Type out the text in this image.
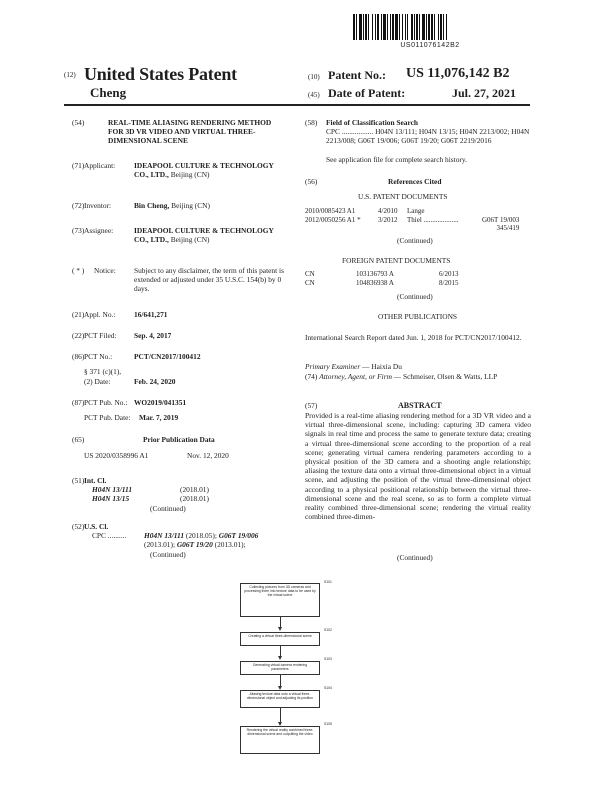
US011076142B2
(12) United States Patent
Cheng
(10) Patent No.: US 11,076,142 B2
(45) Date of Patent:	Jul. 27, 2021
(54)	REAL-TIME ALIASING RENDERING METHOD FOR 3D VR VIDEO AND VIRTUAL THREE-DIMENSIONAL SCENE
(71) Applicant:	IDEAPOOL CULTURE & TECHNOLOGY CO., LTD., Beijing (CN)
(72) Inventor:	Bin Cheng, Beijing (CN)
(73) Assignee:	IDEAPOOL CULTURE & TECHNOLOGY CO., LTD., Beijing (CN)
( * ) Notice: Subject to any disclaimer, the term of this patent is extended or adjusted under 35 U.S.C. 154(b) by 0 days.
(21) Appl. No.:	16/641,271
(22) PCT Filed: Sep. 4, 2017
(86) PCT No.:	PCT/CN2017/100412
§ 371 (c)(1),
(2) Date:	Feb. 24, 2020
(87) PCT Pub. No.: WO2019/041351
PCT Pub. Date: Mar. 7, 2019
(65)	Prior Publication Data
US 2020/0358996 A1	Nov. 12, 2020
(51) Int. Cl.
H04N 13/111	(2018.01)
H04N 13/15	(2018.01)
(Continued)
(52) U.S. Cl.
CPC .......... H04N 13/111 (2018.05); G06T 19/006
(2013.01); G06T 19/20 (2013.01);
(Continued)
(58) Field of Classification Search
CPC ................. H04N 13/111; H04N 13/15; H04N 2213/002; H04N 2213/008; G06T 19/006; G06T 19/20; G06T 2219/2016
See application file for complete search history.
(56)	References Cited
U.S. PATENT DOCUMENTS
2010/0085423 A1	4/2010	Lange	
2012/0050256 A1 *	3/2012	Thiel ....................	G06T 19/003
			345/419
(Continued)
FOREIGN PATENT DOCUMENTS
CN	103136793 A	6/2013
CN	104836938 A	8/2015
(Continued)
OTHER PUBLICATIONS
International Search Report dated Jun. 1, 2018 for PCT/CN2017/100412.
Primary Examiner — Haixia Du
(74) Attorney, Agent, or Firm — Schmeiser, Olsen & Watts, LLP
(57)	ABSTRACT
Provided is a real-time aliasing rendering method for a 3D VR video and a virtual three-dimensional scene, including: capturing 3D camera video signals in real time and process the same to generate texture data; creating a virtual three-dimensional scene according to the proportion of a real scene; generating virtual camera rendering parameters according to a physical position of the 3D camera and a shooting angle relationship; aliasing the texture data onto a virtual three-dimensional object in a virtual scene, and adjusting the position of the virtual three-dimensional object according to a physical positional relationship between the virtual three-dimensional scene and the real scene, so as to form a complete virtual reality combined three-dimensional scene; rendering the virtual reality combined three-dimen-
(Continued)
Collecting pictures from 3D cameras and processing them into texture data to be used by the virtual scene
S101
Creating a virtual three-dimensional scene
S102
Generating virtual camera rendering parameters
S103
Aliasing texture data onto a virtual three-dimensional object and adjusting its position
S104
Rendering the virtual reality combined three-dimensional scene and outputting the video
S105
